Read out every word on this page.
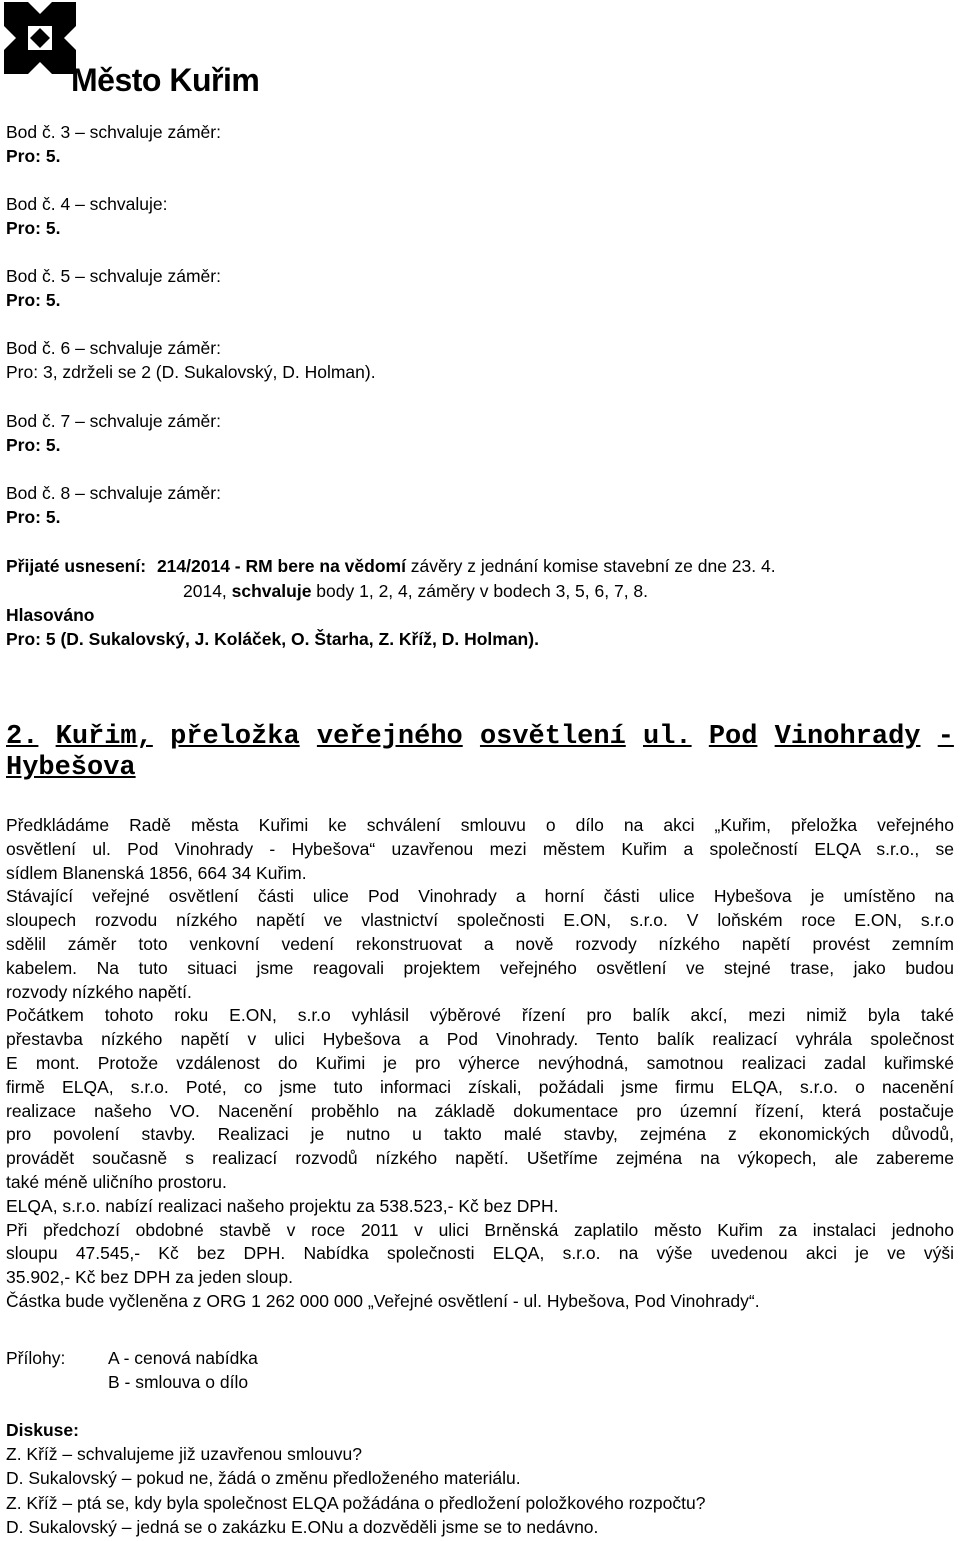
Město Kuřim
Bod č. 3 – schvaluje záměr:
Pro: 5.
Bod č. 4 – schvaluje:
Pro: 5.
Bod č. 5 – schvaluje záměr:
Pro: 5.
Bod č. 6 – schvaluje záměr:
Pro: 3, zdrželi se 2 (D. Sukalovský, D. Holman).
Bod č. 7 – schvaluje záměr:
Pro: 5.
Bod č. 8 – schvaluje záměr:
Pro: 5.
Přijaté usnesení: 214/2014 - RM bere na vědomí závěry z jednání komise stavební ze dne 23. 4.
2014, schvaluje body 1, 2, 4, záměry v bodech 3, 5, 6, 7, 8.
Hlasováno
Pro: 5 (D. Sukalovský, J. Koláček, O. Štarha, Z. Kříž, D. Holman).
2. Kuřim, přeložka veřejného osvětlení ul. Pod Vinohrady -
Hybešova
Předkládáme Radě města Kuřimi ke schválení smlouvu o dílo na akci „Kuřim, přeložka veřejného
osvětlení ul. Pod Vinohrady - Hybešova“ uzavřenou mezi městem Kuřim a společností ELQA s.r.o., se
sídlem Blanenská 1856, 664 34 Kuřim.
Stávající veřejné osvětlení části ulice Pod Vinohrady a horní části ulice Hybešova je umístěno na
sloupech rozvodu nízkého napětí ve vlastnictví společnosti E.ON, s.r.o. V loňském roce E.ON, s.r.o
sdělil záměr toto venkovní vedení rekonstruovat a nově rozvody nízkého napětí provést zemním
kabelem. Na tuto situaci jsme reagovali projektem veřejného osvětlení ve stejné trase, jako budou
rozvody nízkého napětí.
Počátkem tohoto roku E.ON, s.r.o vyhlásil výběrové řízení pro balík akcí, mezi nimiž byla také
přestavba nízkého napětí v ulici Hybešova a Pod Vinohrady. Tento balík realizací vyhrála společnost
E mont. Protože vzdálenost do Kuřimi je pro výherce nevýhodná, samotnou realizaci zadal kuřimské
firmě ELQA, s.r.o. Poté, co jsme tuto informaci získali, požádali jsme firmu ELQA, s.r.o. o nacenění
realizace našeho VO. Nacenění proběhlo na základě dokumentace pro územní řízení, která postačuje
pro povolení stavby. Realizaci je nutno u takto malé stavby, zejména z ekonomických důvodů,
provádět současně s realizací rozvodů nízkého napětí. Ušetříme zejména na výkopech, ale zabereme
také méně uličního prostoru.
ELQA, s.r.o. nabízí realizaci našeho projektu za 538.523,- Kč bez DPH.
Při předchozí obdobné stavbě v roce 2011 v ulici Brněnská zaplatilo město Kuřim za instalaci jednoho
sloupu 47.545,- Kč bez DPH. Nabídka společnosti ELQA, s.r.o. na výše uvedenou akci je ve výši
35.902,- Kč bez DPH za jeden sloup.
Částka bude vyčleněna z ORG 1 262 000 000 „Veřejné osvětlení - ul. Hybešova, Pod Vinohrady“.
Přílohy: A - cenová nabídka
B - smlouva o dílo
Diskuse:
Z. Kříž – schvalujeme již uzavřenou smlouvu?
D. Sukalovský – pokud ne, žádá o změnu předloženého materiálu.
Z. Kříž – ptá se, kdy byla společnost ELQA požádána o předložení položkového rozpočtu?
D. Sukalovský – jedná se o zakázku E.ONu a dozvěděli jsme se to nedávno.
